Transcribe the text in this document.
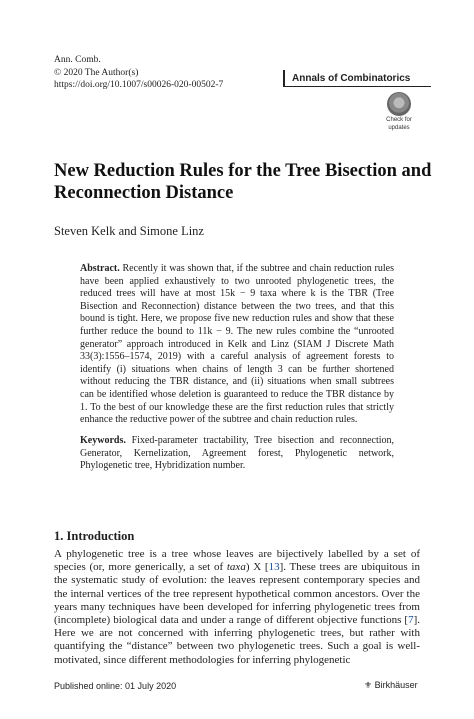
Ann. Comb.
© 2020 The Author(s)
https://doi.org/10.1007/s00026-020-00502-7
Annals of Combinatorics
Check for
updates
New Reduction Rules for the Tree Bisection and Reconnection Distance
Steven Kelk and Simone Linz
Abstract. Recently it was shown that, if the subtree and chain reduction rules have been applied exhaustively to two unrooted phylogenetic trees, the reduced trees will have at most 15k − 9 taxa where k is the TBR (Tree Bisection and Reconnection) distance between the two trees, and that this bound is tight. Here, we propose five new reduction rules and show that these further reduce the bound to 11k − 9. The new rules combine the “unrooted generator” approach introduced in Kelk and Linz (SIAM J Discrete Math 33(3):1556–1574, 2019) with a careful analysis of agreement forests to identify (i) situations when chains of length 3 can be further shortened without reducing the TBR distance, and (ii) situations when small subtrees can be identified whose deletion is guaranteed to reduce the TBR distance by 1. To the best of our knowledge these are the first reduction rules that strictly enhance the reductive power of the subtree and chain reduction rules.
Keywords. Fixed-parameter tractability, Tree bisection and reconnection, Generator, Kernelization, Agreement forest, Phylogenetic network, Phylogenetic tree, Hybridization number.
1. Introduction
A phylogenetic tree is a tree whose leaves are bijectively labelled by a set of species (or, more generically, a set of taxa) X [13]. These trees are ubiquitous in the systematic study of evolution: the leaves represent contemporary species and the internal vertices of the tree represent hypothetical common ancestors. Over the years many techniques have been developed for inferring phylogenetic trees from (incomplete) biological data and under a range of different objective functions [7]. Here we are not concerned with inferring phylogenetic trees, but rather with quantifying the “distance” between two phylogenetic trees. Such a goal is well-motivated, since different methodologies for inferring phylogenetic
Published online: 01 July 2020	⚜ Birkhäuser
